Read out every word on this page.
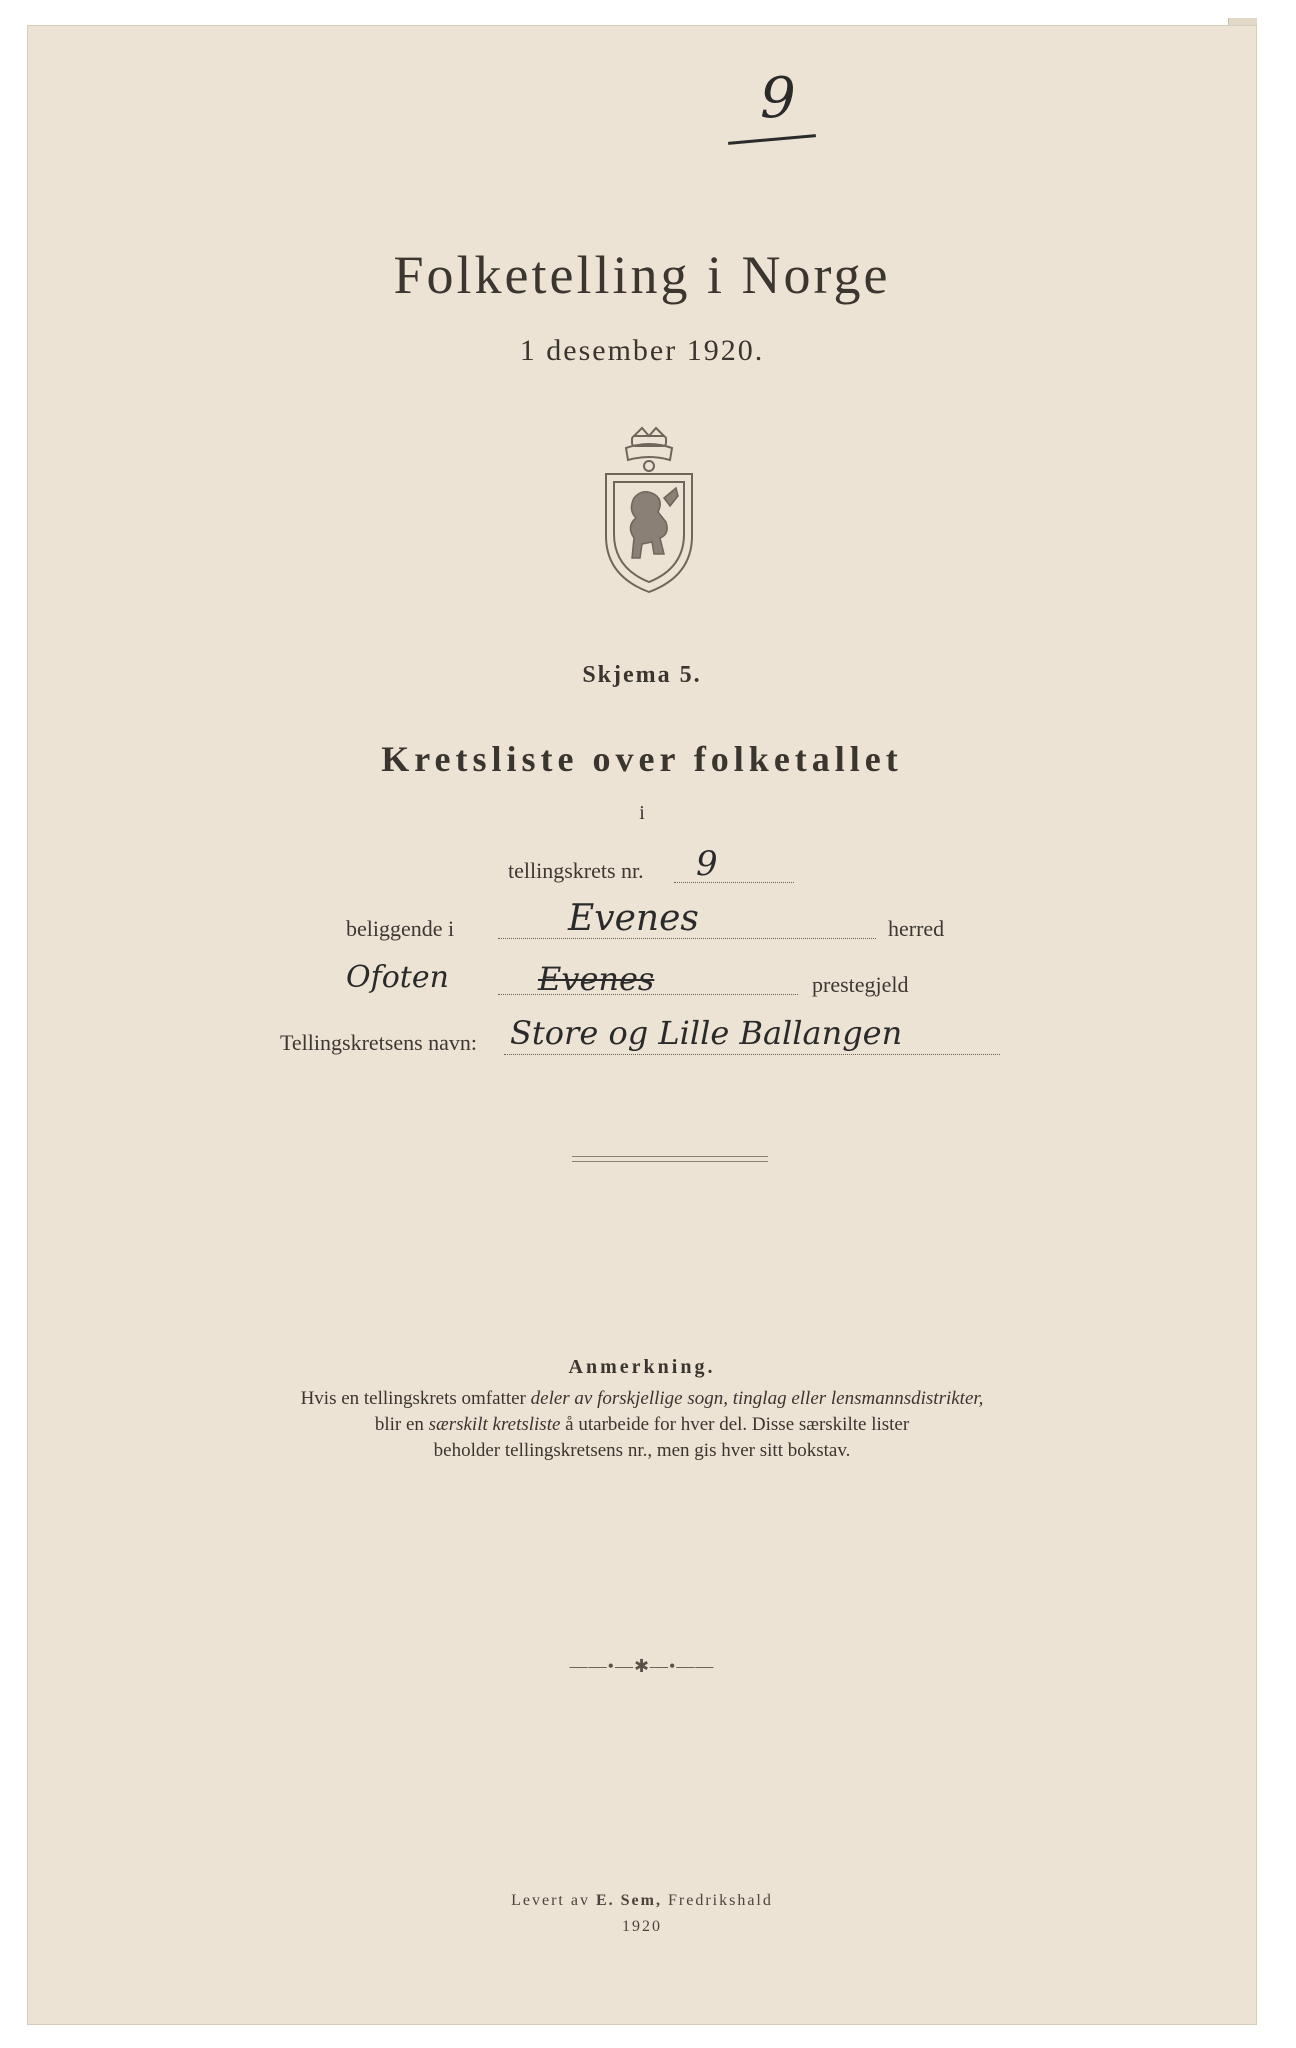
9
Folketelling i Norge
1 desember 1920.
Skjema 5.
Kretsliste over folketallet
i
tellingskrets nr. 9
beliggende i	Evenes	herred
Ofoten	Evenes	prestegjeld
Tellingskretsens navn: Store og Lille Ballangen
Anmerkning.
Hvis en tellingskrets omfatter deler av forskjellige sogn, tinglag eller lensmannsdistrikter,
blir en særskilt kretsliste å utarbeide for hver del. Disse særskilte lister
beholder tellingskretsens nr., men gis hver sitt bokstav.
——•—✱—•——
Levert av E. Sem, Fredrikshald
1920
